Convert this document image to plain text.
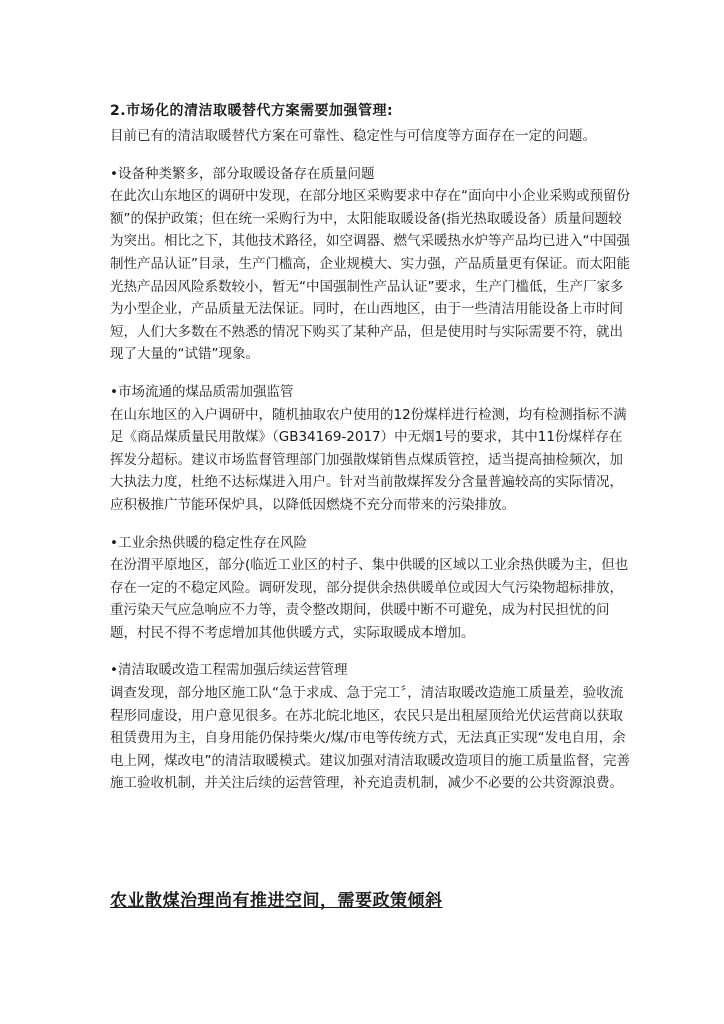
2.市场化的清洁取暖替代方案需要加强管理:

目前已有的清洁取暖替代方案在可靠性、稳定性与可信度等方面存在一定的问题。

•设备种类繁多，部分取暖设备存在质量问题

在此次山东地区的调研中发现，在部分地区采购要求中存在“面向中小企业采购或预留份额”的保护政策；但在统一采购行为中，太阳能取暖设备(指光热取暖设备）质量问题较为突出。相比之下，其他技术路径，如空调器、燃气采暖热水炉等产品均已进入“中国强制性产品认证”目录，生产门槛高，企业规模大、实力强，产品质量更有保证。而太阳能光热产品因风险系数较小，暂无“中国强制性产品认证”要求，生产门槛低，生产厂家多为小型企业，产品质量无法保证。同时，在山西地区，由于一些清洁用能设备上市时间短，人们大多数在不熟悉的情况下购买了某种产品，但是使用时与实际需要不符，就出现了大量的“试错”现象。

•市场流通的煤品质需加强监管

在山东地区的入户调研中，随机抽取农户使用的12份煤样进行检测，均有检测指标不满足《商品煤质量民用散煤》（GB34169-2017）中无烟1号的要求，其中11份煤样存在挥发分超标。建议市场监督管理部门加强散煤销售点煤质管控，适当提高抽检频次，加大执法力度，杜绝不达标煤进入用户。针对当前散煤挥发分含量普遍较高的实际情况，应积极推广节能环保炉具，以降低因燃烧不充分而带来的污染排放。

•工业余热供暖的稳定性存在风险

在汾渭平原地区，部分(临近工业区的村子、集中供暖的区域以工业余热供暖为主，但也存在一定的不稳定风险。调研发现，部分提供余热供暖单位或因大气污染物超标排放，重污染天气应急响应不力等，责令整改期间，供暖中断不可避免，成为村民担忧的问题，村民不得不考虑增加其他供暖方式，实际取暖成本增加。

•清洁取暖改造工程需加强后续运营管理

调查发现，部分地区施工队“急于求成、急于完工〞，清洁取暖改造施工质量差，验收流程形同虚设，用户意见很多。在苏北皖北地区，农民只是出租屋顶给光伏运营商以获取租赁费用为主，自身用能仍保持柴火/煤/市电等传统方式，无法真正实现“发电自用，余电上网，煤改电”的清洁取暖模式。建议加强对清洁取暖改造项目的施工质量监督，完善施工验收机制，并关注后续的运营管理，补充追责机制，减少不必要的公共资源浪费。

农业散煤治理尚有推进空间，需要政策倾斜
